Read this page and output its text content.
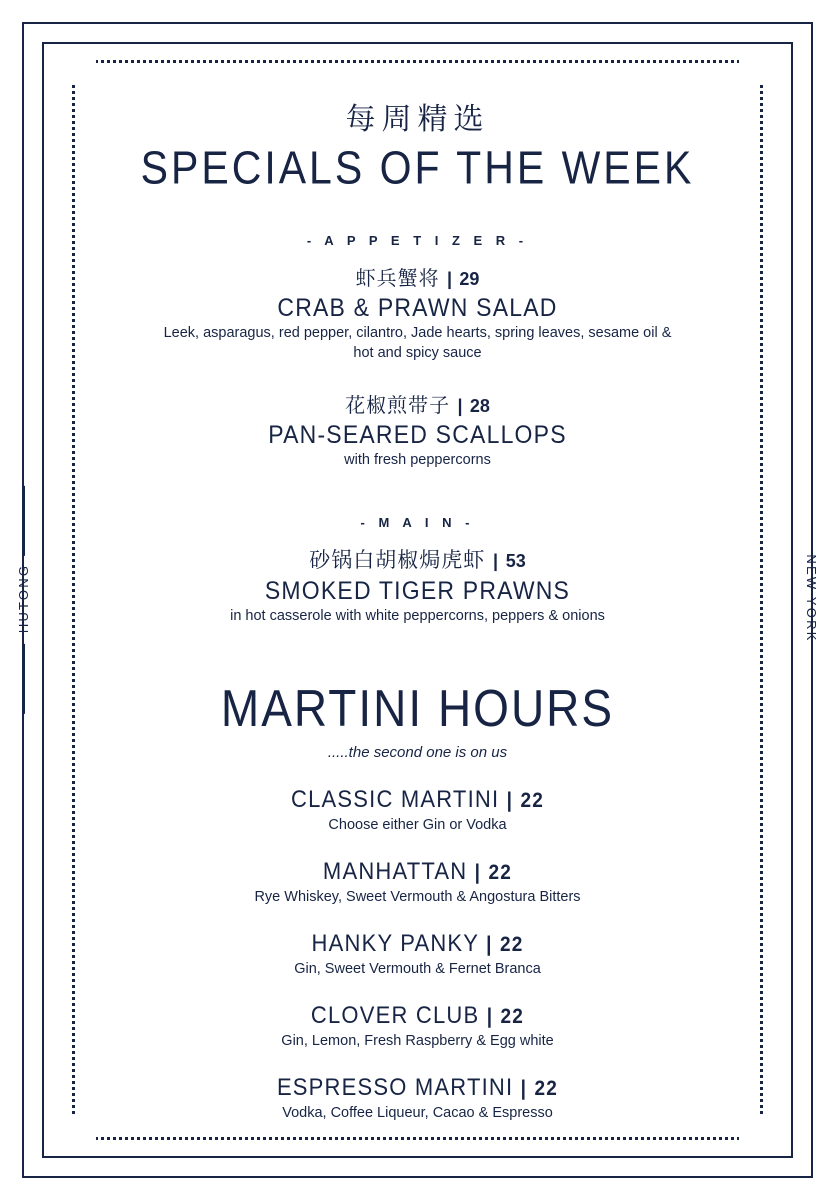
HUTONG	NEW YORK
每周精选
SPECIALS OF THE WEEK
- A P P E T I Z E R -
虾兵蟹将 | 29
CRAB & PRAWN SALAD
Leek, asparagus, red pepper, cilantro, Jade hearts, spring leaves, sesame oil & hot and spicy sauce
花椒煎带子 | 28
PAN-SEARED SCALLOPS
with fresh peppercorns
- M A I N -
砂锅白胡椒焗虎虾 | 53
SMOKED TIGER PRAWNS
in hot casserole with white peppercorns, peppers & onions
MARTINI HOURS
.....the second one is on us
CLASSIC MARTINI | 22
Choose either Gin or Vodka
MANHATTAN | 22
Rye Whiskey, Sweet Vermouth & Angostura Bitters
HANKY PANKY | 22
Gin, Sweet Vermouth & Fernet Branca
CLOVER CLUB | 22
Gin, Lemon, Fresh Raspberry & Egg white
ESPRESSO MARTINI | 22
Vodka, Coffee Liqueur, Cacao & Espresso
